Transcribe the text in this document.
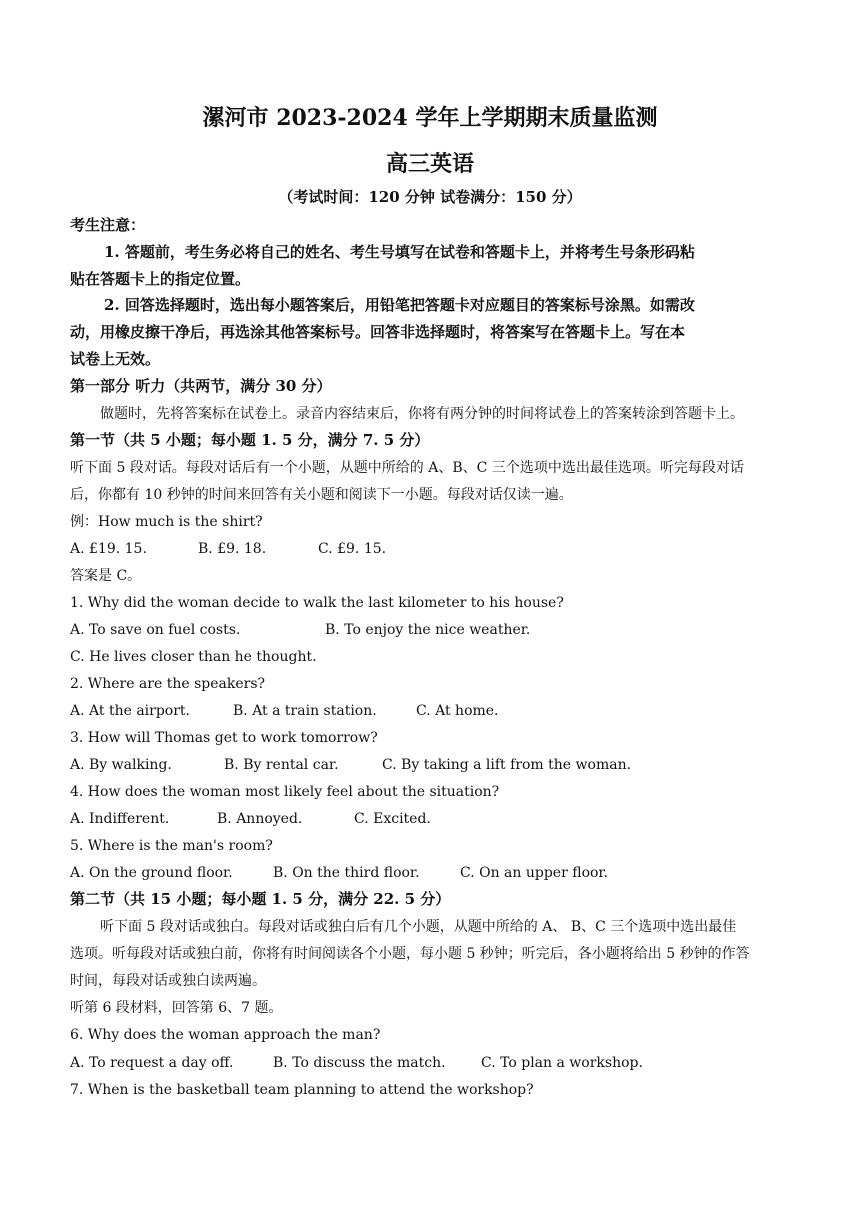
漯河市 2023-2024 学年上学期期末质量监测
高三英语
（考试时间：120 分钟 试卷满分：150 分）
考生注意：
1. 答题前，考生务必将自己的姓名、考生号填写在试卷和答题卡上，并将考生号条形码粘
贴在答题卡上的指定位置。
2. 回答选择题时，选出每小题答案后，用铅笔把答题卡对应题目的答案标号涂黑。如需改
动，用橡皮擦干净后，再选涂其他答案标号。回答非选择题时，将答案写在答题卡上。写在本
试卷上无效。
第一部分 听力（共两节，满分 30 分）
做题时，先将答案标在试卷上。录音内容结束后，你将有两分钟的时间将试卷上的答案转涂到答题卡上。
第一节（共 5 小题；每小题 1. 5 分，满分 7. 5 分）
听下面 5 段对话。每段对话后有一个小题，从题中所给的 A、B、C 三个选项中选出最佳选项。听完每段对话
后，你都有 10 秒钟的时间来回答有关小题和阅读下一小题。每段对话仅读一遍。
例：How much is the shirt?
A. £19. 15.	B. £9. 18.	C. £9. 15.
答案是 C。
1. Why did the woman decide to walk the last kilometer to his house?
A. To save on fuel costs.	B. To enjoy the nice weather.
C. He lives closer than he thought.
2. Where are the speakers?
A. At the airport.	B. At a train station.	C. At home.
3. How will Thomas get to work tomorrow?
A. By walking.	B. By rental car.	C. By taking a lift from the woman.
4. How does the woman most likely feel about the situation?
A. Indifferent.	B. Annoyed.	C. Excited.
5. Where is the man's room?
A. On the ground floor.	B. On the third floor.	C. On an upper floor.
第二节（共 15 小题；每小题 1. 5 分，满分 22. 5 分）
听下面 5 段对话或独白。每段对话或独白后有几个小题，从题中所给的 A、 B、C 三个选项中选出最佳
选项。听每段对话或独白前，你将有时间阅读各个小题，每小题 5 秒钟；听完后，各小题将给出 5 秒钟的作答
时间，每段对话或独白读两遍。
听第 6 段材料，回答第 6、7 题。
6. Why does the woman approach the man?
A. To request a day off.	B. To discuss the match.	C. To plan a workshop.
7. When is the basketball team planning to attend the workshop?
